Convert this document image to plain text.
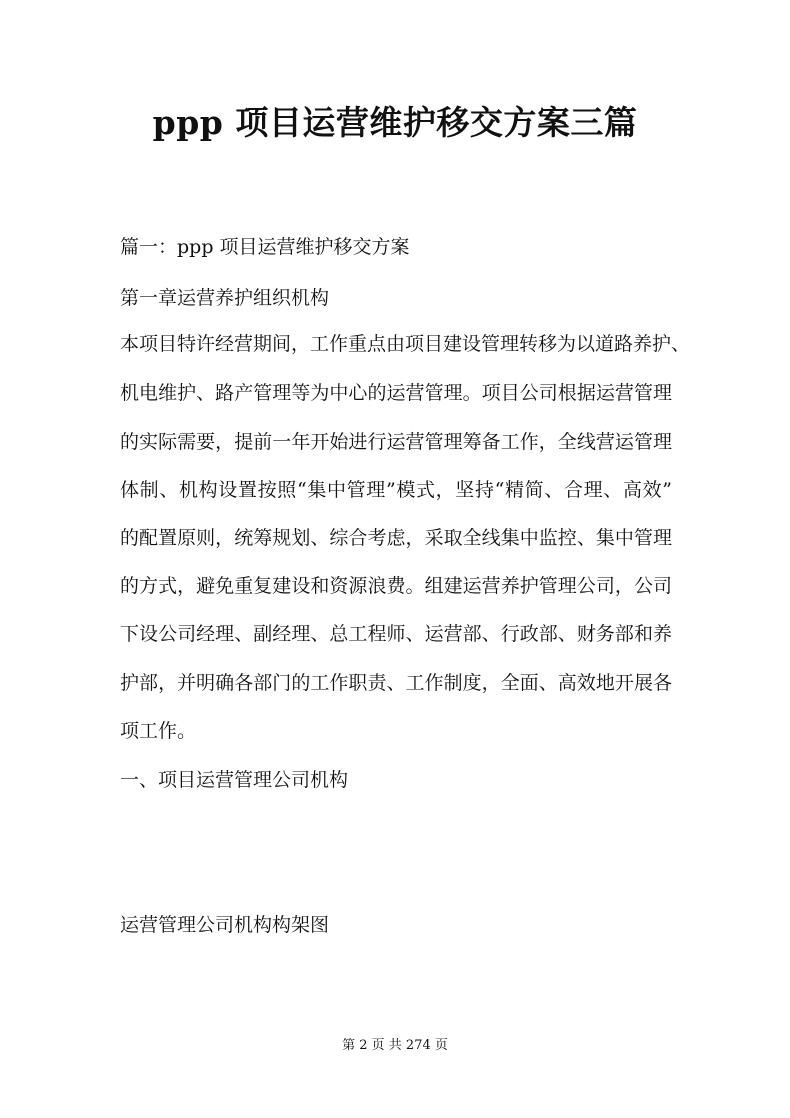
ppp 项目运营维护移交方案三篇

篇一：ppp 项目运营维护移交方案

第一章运营养护组织机构

本项目特许经营期间，工作重点由项目建设管理转移为以道路养护、

机电维护、路产管理等为中心的运营管理。项目公司根据运营管理

的实际需要，提前一年开始进行运营管理筹备工作，全线营运管理

体制、机构设置按照“集中管理”模式，坚持“精简、合理、高效”

的配置原则，统筹规划、综合考虑，采取全线集中监控、集中管理

的方式，避免重复建设和资源浪费。组建运营养护管理公司，公司

下设公司经理、副经理、总工程师、运营部、行政部、财务部和养

护部，并明确各部门的工作职责、工作制度，全面、高效地开展各

项工作。

一、项目运营管理公司机构

运营管理公司机构构架图

第 2 页 共 274 页
